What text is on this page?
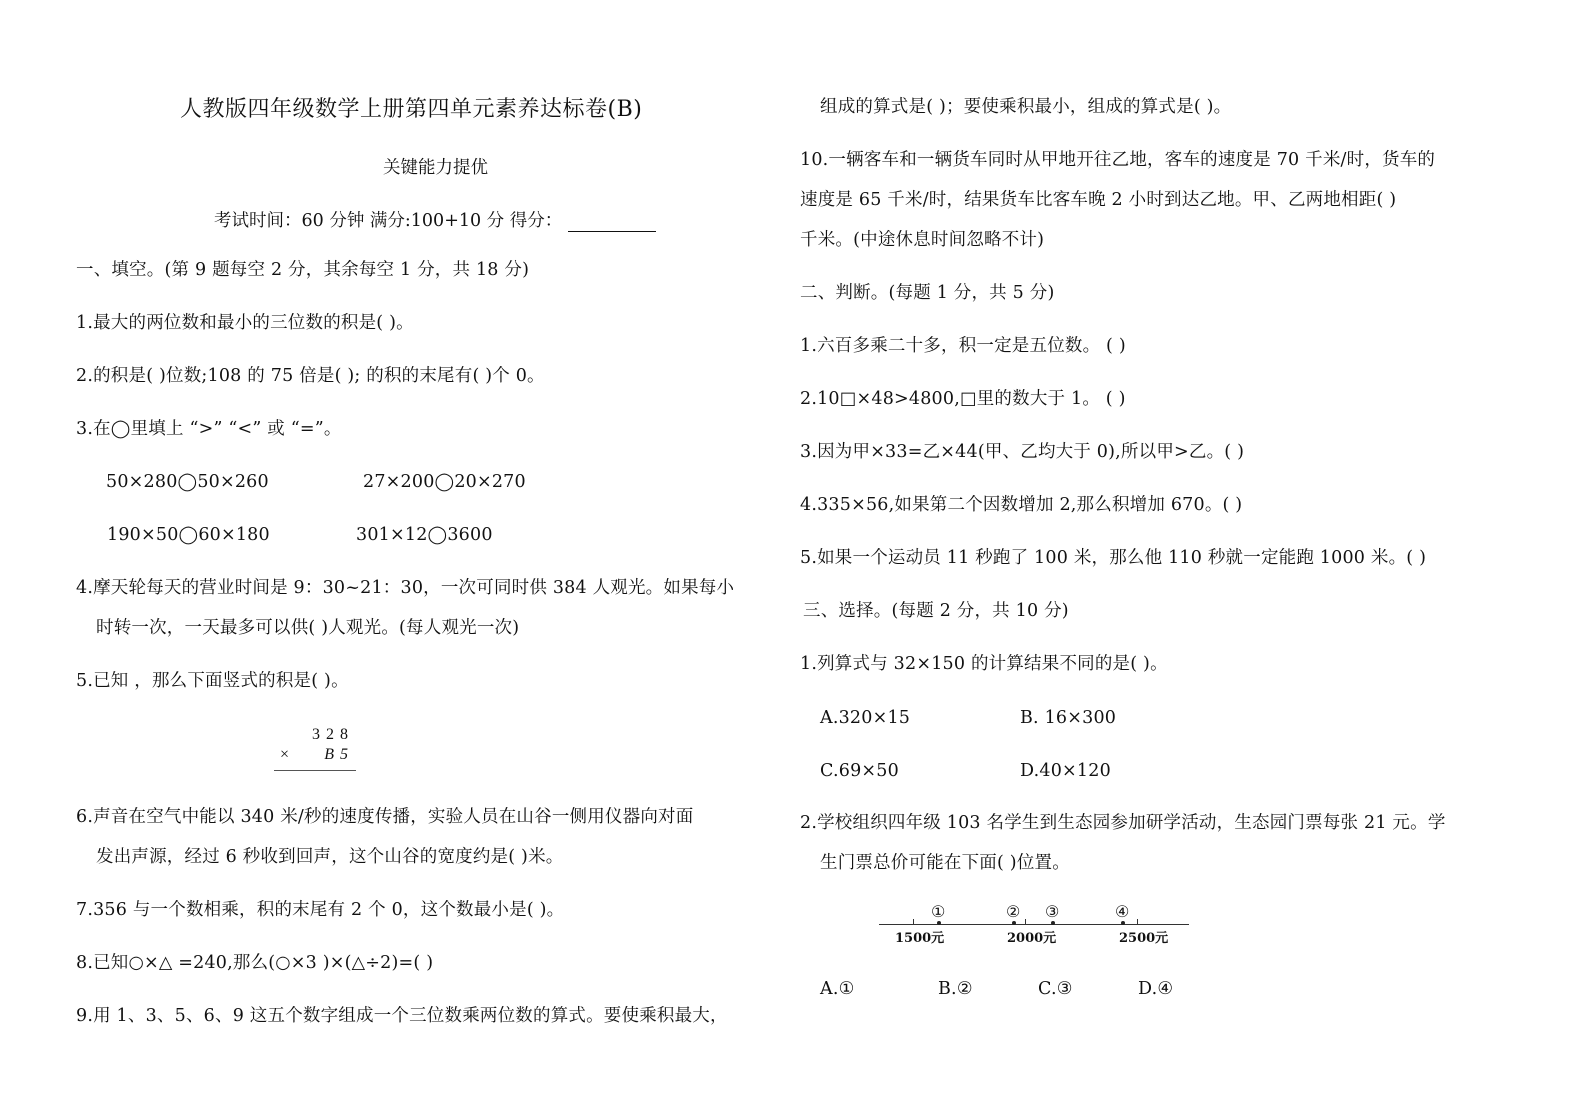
人教版四年级数学上册第四单元素养达标卷(B)
关键能力提优
考试时间：60 分钟 满分:100+10 分 得分：
一、填空。(第 9 题每空 2 分，其余每空 1 分，共 18 分)
1.最大的两位数和最小的三位数的积是( )。
2.的积是( )位数;108 的 75 倍是( ); 的积的末尾有( )个 0。
3.在◯里填上 “>” “<” 或 “=”。
50×280◯50×260	27×200◯20×270
190×50◯60×180	301×12◯3600
4.摩天轮每天的营业时间是 9：30~21：30，一次可同时供 384 人观光。如果每小
时转一次，一天最多可以供( )人观光。(每人观光一次)
5.已知 ，那么下面竖式的积是( )。
328
× B5
6.声音在空气中能以 340 米/秒的速度传播，实验人员在山谷一侧用仪器向对面
发出声源，经过 6 秒收到回声，这个山谷的宽度约是( )米。
7.356 与一个数相乘，积的末尾有 2 个 0，这个数最小是( )。
8.已知○×△ =240,那么(○×3 )×(△÷2)=( )
9.用 1、3、5、6、9 这五个数字组成一个三位数乘两位数的算式。要使乘积最大，
组成的算式是( )；要使乘积最小，组成的算式是( )。
10.一辆客车和一辆货车同时从甲地开往乙地，客车的速度是 70 千米/时，货车的
速度是 65 千米/时，结果货车比客车晚 2 小时到达乙地。甲、乙两地相距( )
千米。(中途休息时间忽略不计)
二、判断。(每题 1 分，共 5 分)
1.六百多乘二十多，积一定是五位数。 ( )
2.10□×48>4800,□里的数大于 1。 ( )
3.因为甲×33=乙×44(甲、乙均大于 0),所以甲>乙。( )
4.335×56,如果第二个因数增加 2,那么积增加 670。( )
5.如果一个运动员 11 秒跑了 100 米，那么他 110 秒就一定能跑 1000 米。( )
三、选择。(每题 2 分，共 10 分)
1.列算式与 32×150 的计算结果不同的是( )。
A.320×15	B. 16×300
C.69×50	D.40×120
2.学校组织四年级 103 名学生到生态园参加研学活动，生态园门票每张 21 元。学
生门票总价可能在下面( )位置。
①	② ③	④
1500元	2000元	2500元
A.①	B.②	C.③	D.④
